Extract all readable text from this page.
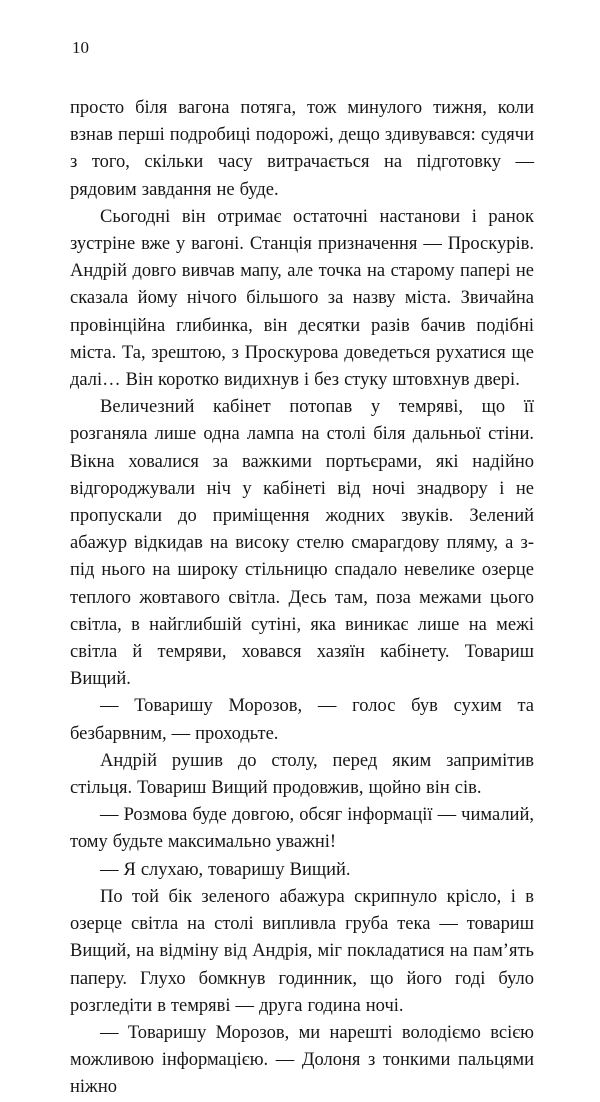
10

просто біля вагона потяга, тож минулого тижня, коли взнав перші подробиці подорожі, дещо здивувався: судячи з того, скільки часу витрачається на підготовку — рядовим завдання не буде.

Сьогодні він отримає остаточні настанови і ранок зустріне вже у вагоні. Станція призначення — Проскурів. Андрій довго вивчав мапу, але точка на старому папері не сказала йому нічого більшого за назву міста. Звичайна провінційна глибинка, він десятки разів бачив подібні міста. Та, зрештою, з Проскурова доведеться рухатися ще далі… Він коротко видихнув і без стуку штовхнув двері.

Величезний кабінет потопав у темряві, що її розганяла лише одна лампа на столі біля дальньої стіни. Вікна ховалися за важкими портьєрами, які надійно відгороджували ніч у кабінеті від ночі знадвору і не пропускали до приміщення жодних звуків. Зелений абажур відкидав на високу стелю смарагдову пляму, а з-під нього на широку стільницю спадало невелике озерце теплого жовтавого світла. Десь там, поза межами цього світла, в найглибшій сутіні, яка виникає лише на межі світла й темряви, ховався хазяїн кабінету. Товариш Вищий.

— Товаришу Морозов, — голос був сухим та безбарвним, — проходьте.

Андрій рушив до столу, перед яким запримітив стільця. Товариш Вищий продовжив, щойно він сів.

— Розмова буде довгою, обсяг інформації — чималий, тому будьте максимально уважні!

— Я слухаю, товаришу Вищий.

По той бік зеленого абажура скрипнуло крісло, і в озерце світла на столі випливла груба тека — товариш Вищий, на відміну від Андрія, міг покладатися на пам’ять паперу. Глухо бомкнув годинник, що його годі було розгледіти в темряві — друга година ночі.

— Товаришу Морозов, ми нарешті володіємо всією можливою інформацією. — Долоня з тонкими пальцями ніжно
